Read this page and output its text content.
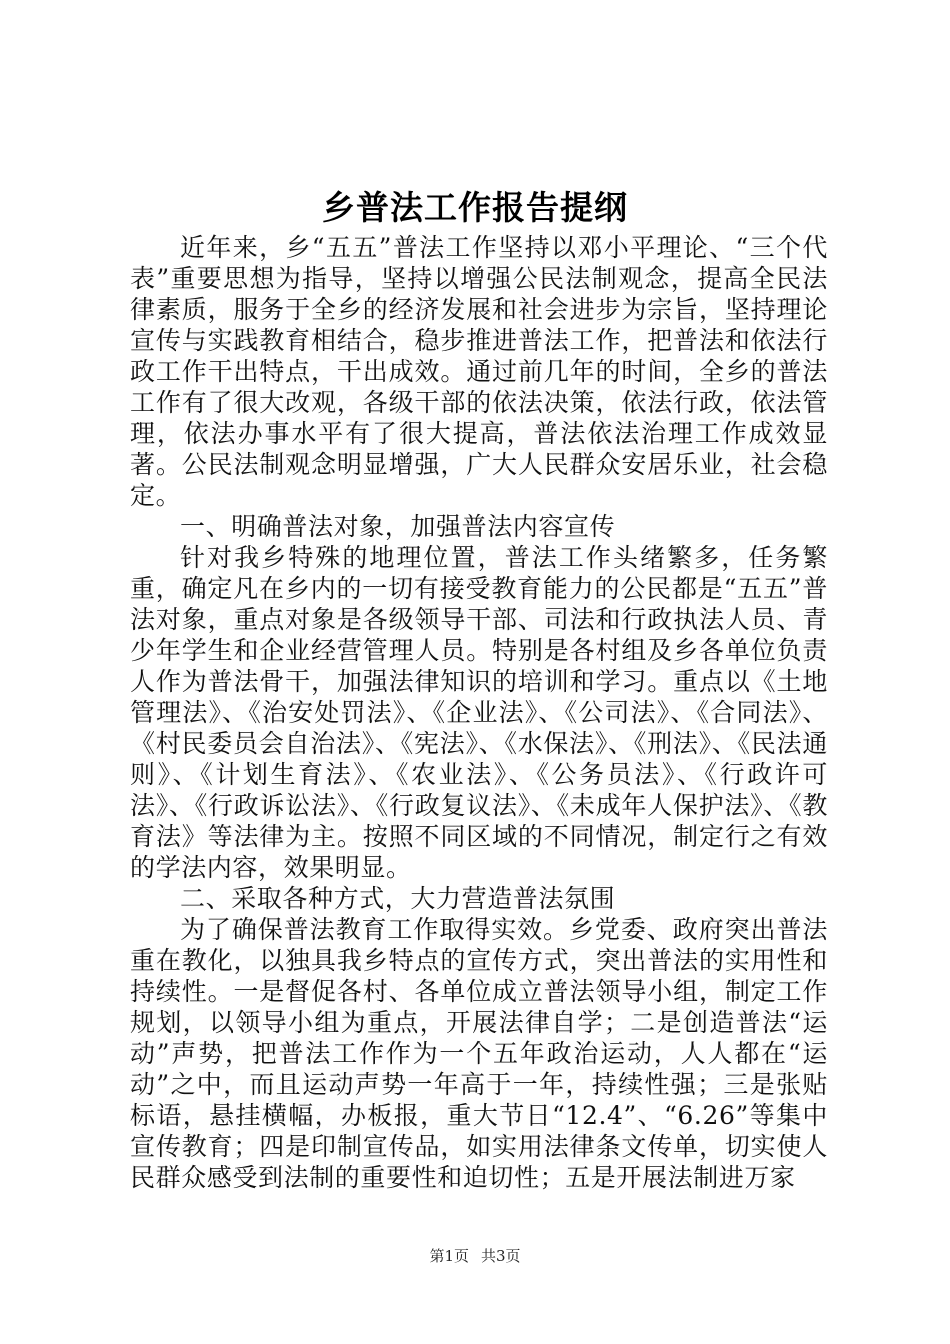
乡普法工作报告提纲

近年来，乡“五五”普法工作坚持以邓小平理论、“三个代表”重要思想为指导，坚持以增强公民法制观念，提高全民法律素质，服务于全乡的经济发展和社会进步为宗旨，坚持理论宣传与实践教育相结合，稳步推进普法工作，把普法和依法行政工作干出特点，干出成效。通过前几年的时间，全乡的普法工作有了很大改观，各级干部的依法决策，依法行政，依法管理，依法办事水平有了很大提高，普法依法治理工作成效显著。公民法制观念明显增强，广大人民群众安居乐业，社会稳定。

一、明确普法对象，加强普法内容宣传

针对我乡特殊的地理位置，普法工作头绪繁多，任务繁重，确定凡在乡内的一切有接受教育能力的公民都是“五五”普法对象，重点对象是各级领导干部、司法和行政执法人员、青少年学生和企业经营管理人员。特别是各村组及乡各单位负责人作为普法骨干，加强法律知识的培训和学习。重点以《土地管理法》、《治安处罚法》、《企业法》、《公司法》、《合同法》、《村民委员会自治法》、《宪法》、《水保法》、《刑法》、《民法通则》、《计划生育法》、《农业法》、《公务员法》、《行政许可法》、《行政诉讼法》、《行政复议法》、《未成年人保护法》、《教育法》等法律为主。按照不同区域的不同情况，制定行之有效的学法内容，效果明显。

二、采取各种方式，大力营造普法氛围

为了确保普法教育工作取得实效。乡党委、政府突出普法重在教化，以独具我乡特点的宣传方式，突出普法的实用性和持续性。一是督促各村、各单位成立普法领导小组，制定工作规划，以领导小组为重点，开展法律自学；二是创造普法“运动”声势，把普法工作作为一个五年政治运动，人人都在“运动”之中，而且运动声势一年高于一年，持续性强；三是张贴标语，悬挂横幅，办板报，重大节日“12.4”、“6.26”等集中宣传教育；四是印制宣传品，如实用法律条文传单，切实使人民群众感受到法制的重要性和迫切性；五是开展法制进万家

第1页 共3页
